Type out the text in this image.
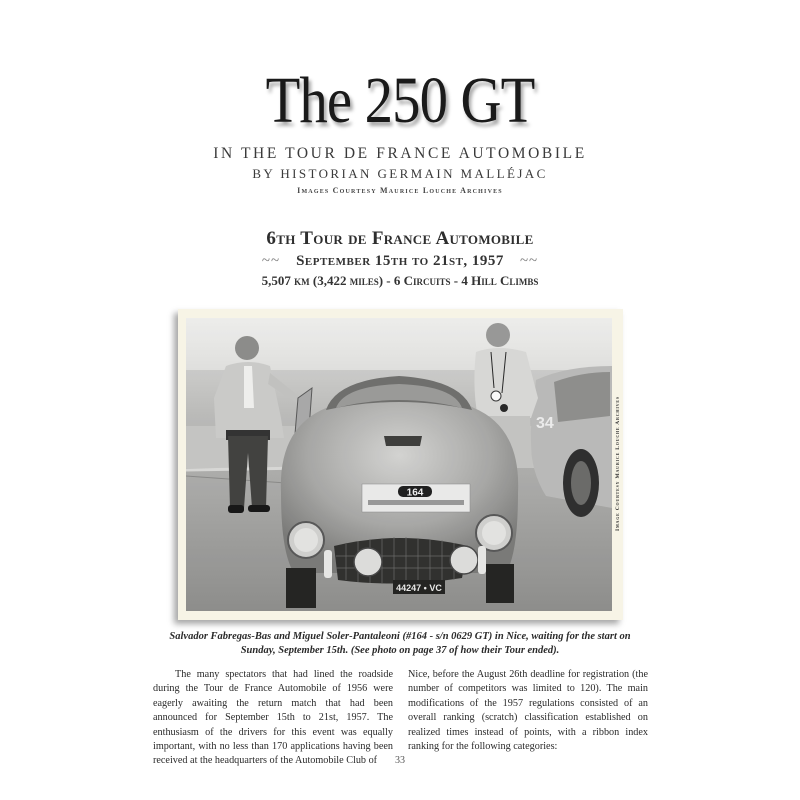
The 250 GT
IN THE TOUR DE FRANCE AUTOMOBILE
BY HISTORIAN GERMAIN MALLÉJAC
Images Courtesy Maurice Louche Archives
6th Tour de France Automobile
~~ September 15th to 21st, 1957 ~~
5,507 km (3,422 miles) - 6 Circuits - 4 Hill Climbs
34
164
44247 • VC
Image Courtesy Maurice Louche Archives
Salvador Fabregas-Bas and Miguel Soler-Pantaleoni (#164 - s/n 0629 GT) in Nice, waiting for the start on Sunday, September 15th. (See photo on page 37 of how their Tour ended).
The many spectators that had lined the roadside during the Tour de France Automobile of 1956 were eagerly awaiting the return match that had been announced for September 15th to 21st, 1957. The enthusiasm of the drivers for this event was equally important, with no less than 170 applications having been received at the headquarters of the Automobile Club of
Nice, before the August 26th deadline for registration (the number of competitors was limited to 120). The main modifications of the 1957 regulations consisted of an overall ranking (scratch) classification established on realized times instead of points, with a ribbon index ranking for the following categories:
33
